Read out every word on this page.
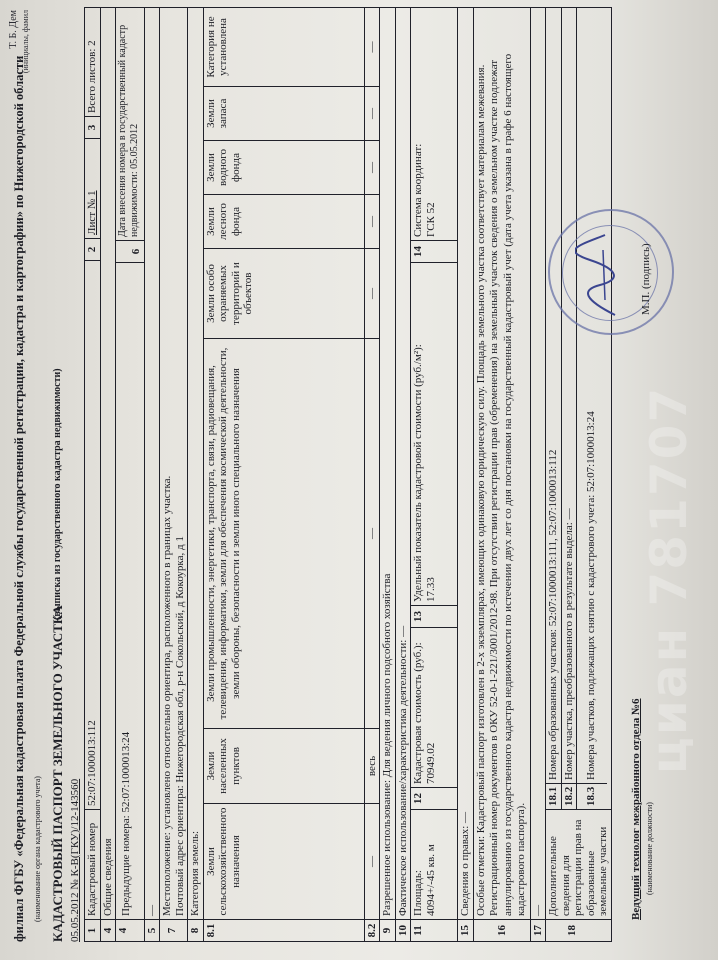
филиал ФГБУ «Федеральная кадастровая палата Федеральной службы государственной регистрации, кадастра и картографии» по Нижегородской области (наименование органа кадастрового учета) КАДАСТРОВЫЙ ПАСПОРТ ЗЕМЕЛЬНОГО УЧАСТКА
(выписка из государственного кадастра недвижимости)
05.05.2012 № К-В(ГКУ)/12-143560
Т. Б. Дем (инициалы, фамил
1
Кадастровый номер
52:07:1000013:112
2
Лист № 1
3
Всего листов: 2
4
Общие сведения
4
Предыдущие номера: 52:07:1000013:24
6
Дата внесения номера в государственный кадастр недвижимости: 05.05.2012
5
—
7
Местоположение: установлено относительно ориентира, расположенного в границах участка. Почтовый адрес ориентира: Нижегородская обл, р-н Сокольский, д Кокоурка, д 1
8
Категория земель:
8.1
Земли сельскохозяйственного назначения
Земли населенных пунктов
Земли промышленности, энергетики, транспорта, связи, радиовещания, телевидения, информатики, земли для обеспечения космической деятельности, земли обороны, безопасности и земли иного специального назначения
Земли особо охраняемых территорий и объектов
Земли лесного фонда
Земли водного фонда
Земли запаса
Категория не установлена
8.2
—
весь
—
—
—
—
—
—
9
Разрешенное использование: Для ведения личного подсобного хозяйства
10
Фактическое использование/характеристика деятельности: —
11
Площадь: 4094+/-45 кв. м
12
Кадастровая стоимость (руб.): 70949.02
13
Удельный показатель кадастровой стоимости (руб./м²): 17.33
14
Система координат: ГСК 52
15
Сведения о правах: —
16
Особые отметки: Кадастровый паспорт изготовлен в 2-х экземплярах, имеющих одинаковую юридическую силу. Площадь земельного участка соответствует материалам межевания. Регистрационный номер документов в ОКУ 52-0-1-221/3001/2012-98. При отсутствии регистрации прав (обременения) на земельный участок сведения о земельном участке подлежат аннулированию из государственного кадастра недвижимости по истечении двух лет со дня постановки на государственный кадастровый учет (дата учета указана в графе 6 настоящего кадастрового паспорта).
17
—
18
Дополнительные сведения для регистрации прав на образованные земельные участки
18.1
Номера образованных участков: 52:07:1000013:111, 52:07:1000013:112
18.2
Номер участка, преобразованного в результате выдела: —
18.3
Номера участков, подлежащих снятию с кадастрового учета: 52:07:1000013:24
Ведущий технолог межрайонного отдела №6 (наименование должности)
М.П. (подпись)
циан 781707
